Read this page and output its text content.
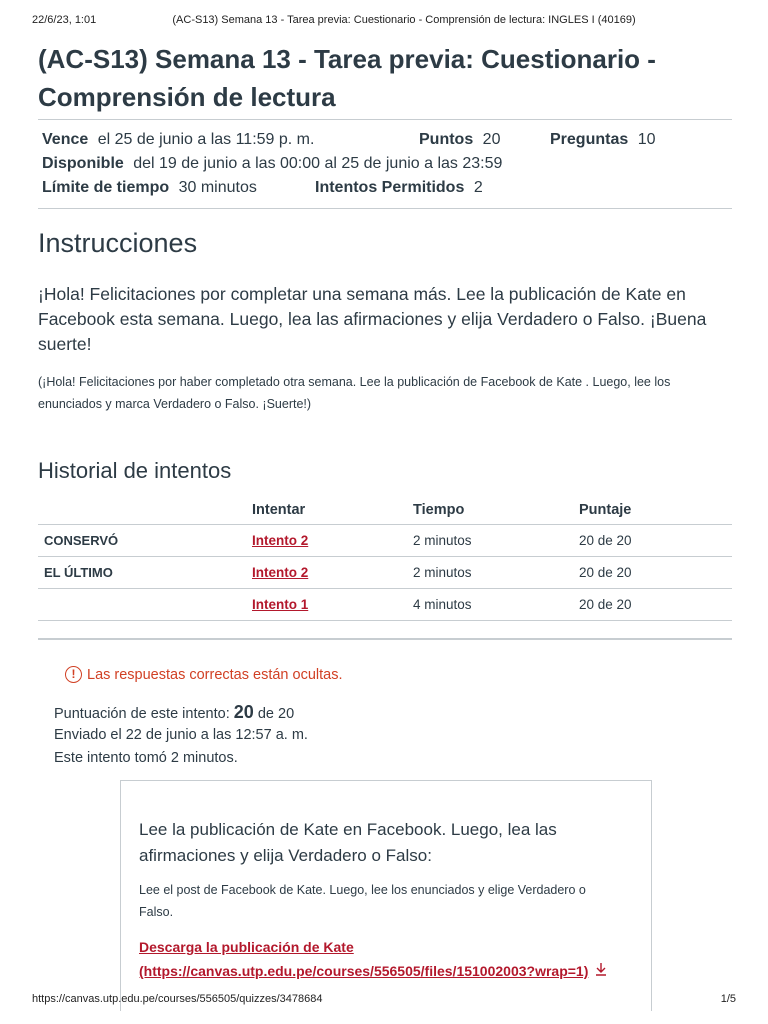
22/6/23, 1:01	(AC-S13) Semana 13 - Tarea previa: Cuestionario - Comprensión de lectura: INGLES I (40169)
(AC-S13) Semana 13 - Tarea previa: Cuestionario - Comprensión de lectura
Vence el 25 de junio a las 11:59 p. m.	Puntos 20	Preguntas 10
Disponible del 19 de junio a las 00:00 al 25 de junio a las 23:59
Límite de tiempo 30 minutos	Intentos Permitidos 2
Instrucciones

¡Hola! Felicitaciones por completar una semana más. Lee la publicación de Kate en Facebook esta semana. Luego, lea las afirmaciones y elija Verdadero o Falso. ¡Buena suerte!

(¡Hola! Felicitaciones por haber completado otra semana. Lee la publicación de Facebook de Kate . Luego, lee los enunciados y marca Verdadero o Falso. ¡Suerte!)

Historial de intentos
	Intentar	Tiempo	Puntaje
CONSERVÓ	Intento 2	2 minutos	20 de 20
EL ÚLTIMO	Intento 2	2 minutos	20 de 20
	Intento 1	4 minutos	20 de 20
! Las respuestas correctas están ocultas.
Puntuación de este intento: 20 de 20
Enviado el 22 de junio a las 12:57 a. m.
Este intento tomó 2 minutos.

Lee la publicación de Kate en Facebook. Luego, lea las afirmaciones y elija Verdadero o Falso:

Lee el post de Facebook de Kate. Luego, lee los enunciados y elige Verdadero o Falso.

Descarga la publicación de Kate
(https://canvas.utp.edu.pe/courses/556505/files/151002003?wrap=1)
https://canvas.utp.edu.pe/courses/556505/quizzes/3478684	1/5
